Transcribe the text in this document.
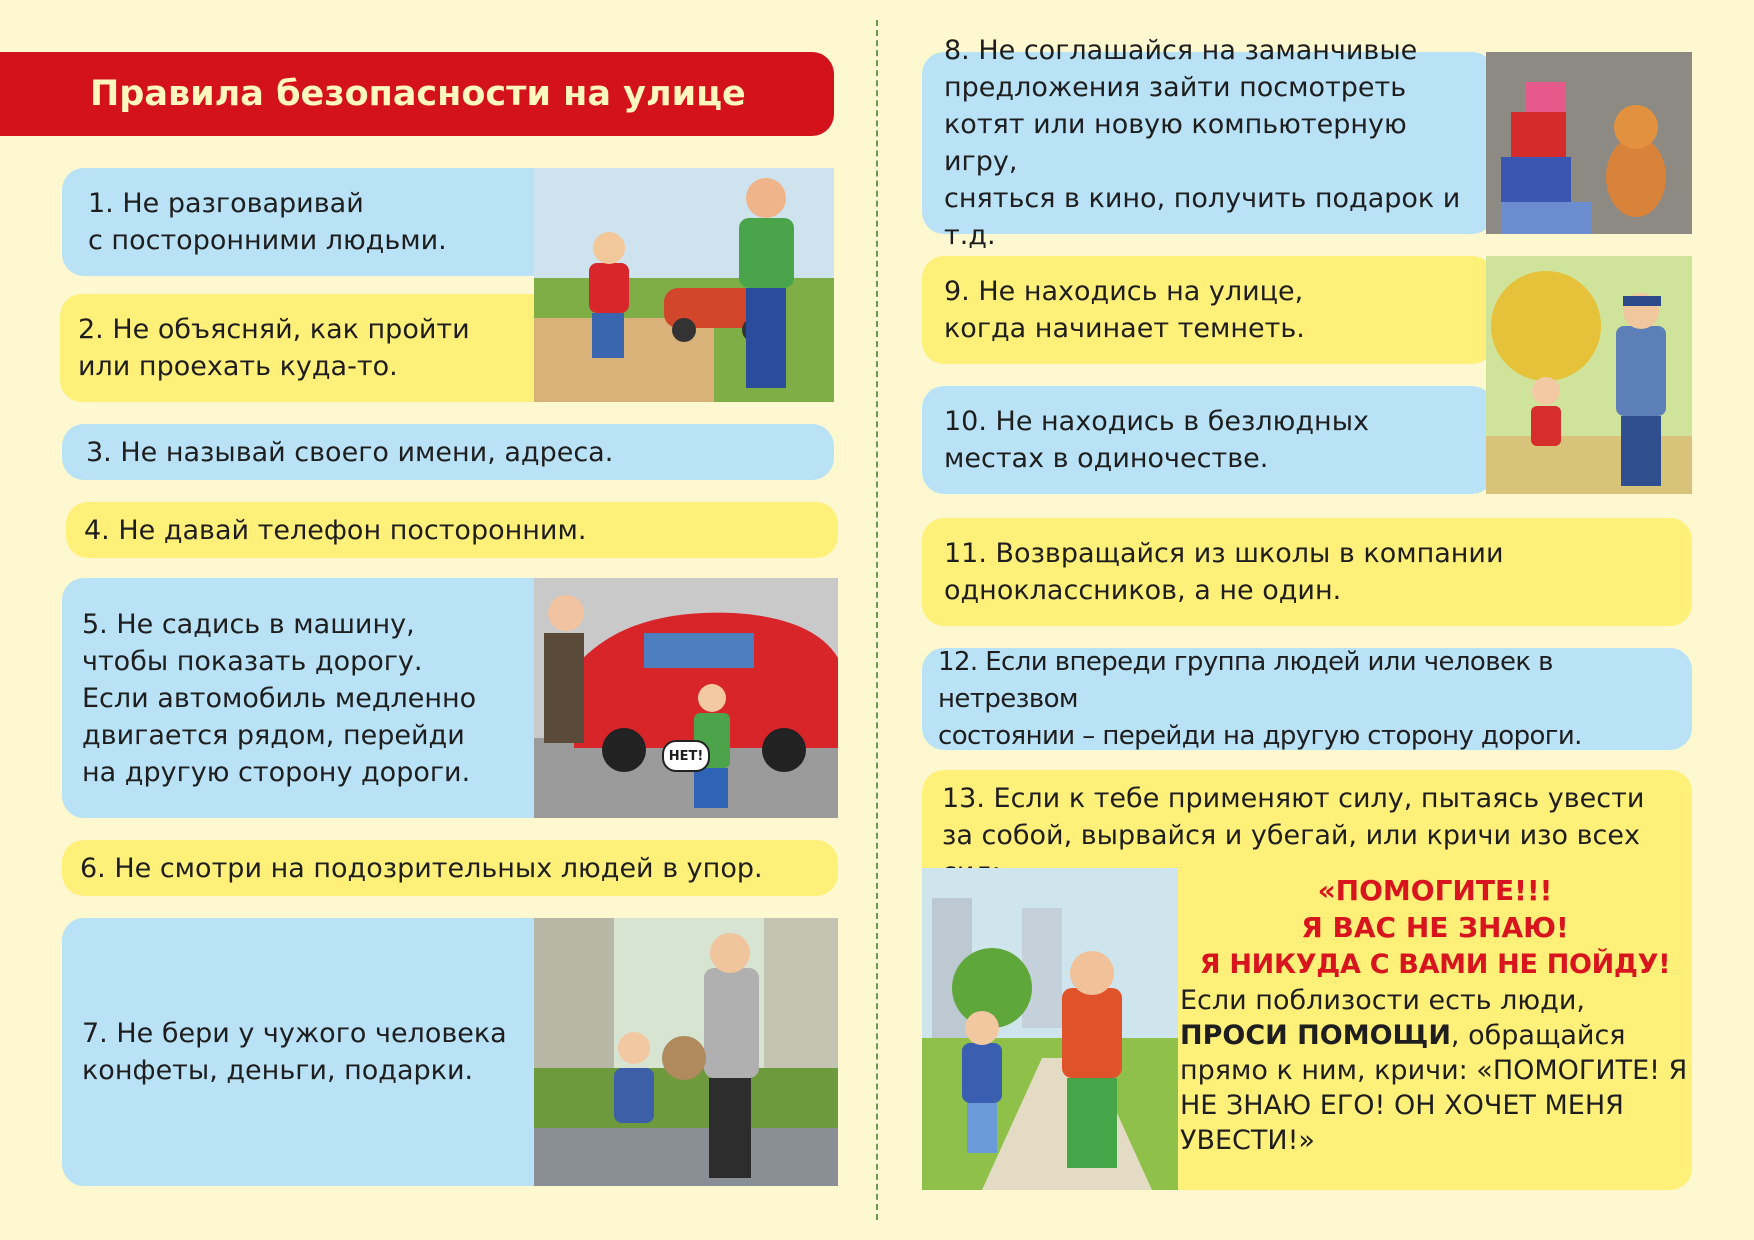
Правила безопасности на улице
1. Не разговаривай
с посторонними людьми.
2. Не объясняй, как пройти
или проехать куда-то.
3. Не называй своего имени, адреса.
4. Не давай телефон посторонним.
5. Не садись в машину,
чтобы показать дорогу.
Если автомобиль медленно
двигается рядом, перейди
на другую сторону дороги.
НЕТ!
6. Не смотри на подозрительных людей в упор.
7. Не бери у чужого человека
конфеты, деньги, подарки.
8. Не соглашайся на заманчивые
предложения зайти посмотреть
котят или новую компьютерную игру,
сняться в кино, получить подарок и т.д.
9. Не находись на улице,
когда начинает темнеть.
10. Не находись в безлюдных
местах в одиночестве.
11. Возвращайся из школы в компании
одноклассников, а не один.
12. Если впереди группа людей или человек в нетрезвом
состоянии – перейди на другую сторону дороги.
13. Если к тебе применяют силу, пытаясь увести
за собой, вырвайся и убегай, или кричи изо всех
«ПОМОГИТЕ!!!
Я ВАС НЕ ЗНАЮ!
Я НИКУДА С ВАМИ НЕ ПОЙДУ!
Если поблизости есть люди,
ПРОСИ ПОМОЩИ, обращайся прямо к ним, кричи: «ПОМОГИТЕ! Я НЕ ЗНАЮ ЕГО! ОН ХОЧЕТ МЕНЯ УВЕСТИ!»
